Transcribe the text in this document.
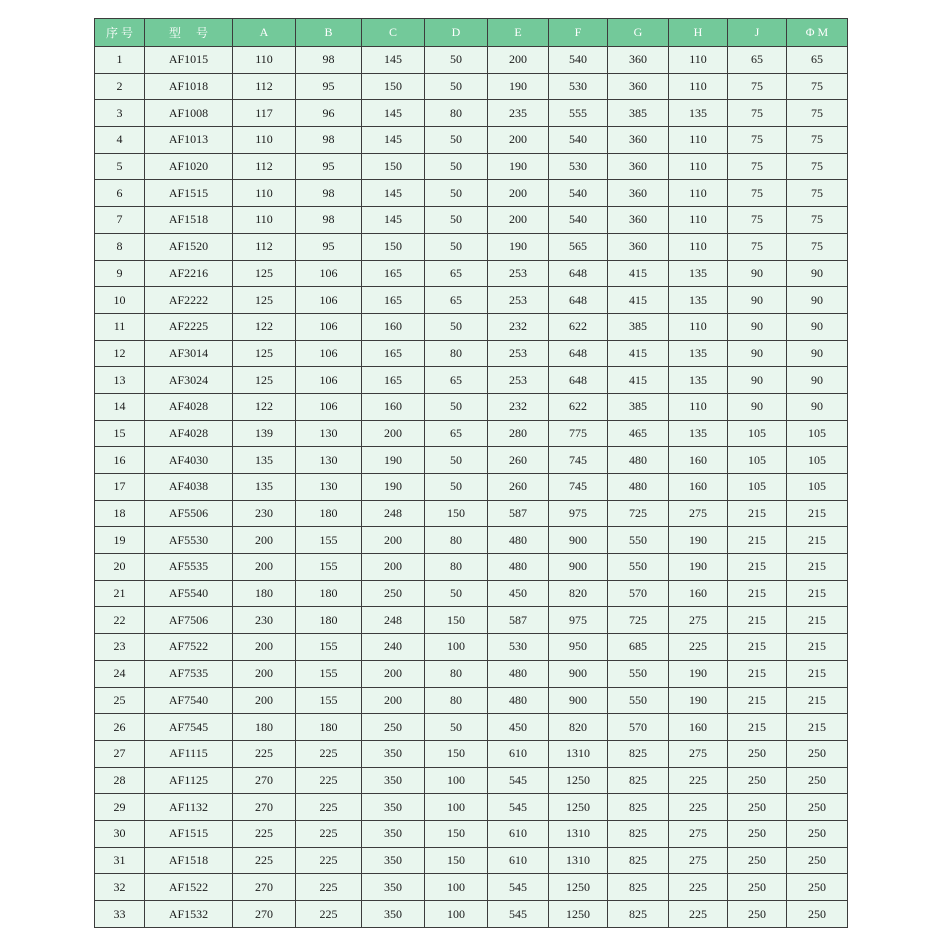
序 号	型　 号	A	B	C	D	E	F	G	H	J	Φ M
1	AF1015	110	98	145	50	200	540	360	110	65	65
2	AF1018	112	95	150	50	190	530	360	110	75	75
3	AF1008	117	96	145	80	235	555	385	135	75	75
4	AF1013	110	98	145	50	200	540	360	110	75	75
5	AF1020	112	95	150	50	190	530	360	110	75	75
6	AF1515	110	98	145	50	200	540	360	110	75	75
7	AF1518	110	98	145	50	200	540	360	110	75	75
8	AF1520	112	95	150	50	190	565	360	110	75	75
9	AF2216	125	106	165	65	253	648	415	135	90	90
10	AF2222	125	106	165	65	253	648	415	135	90	90
11	AF2225	122	106	160	50	232	622	385	110	90	90
12	AF3014	125	106	165	80	253	648	415	135	90	90
13	AF3024	125	106	165	65	253	648	415	135	90	90
14	AF4028	122	106	160	50	232	622	385	110	90	90
15	AF4028	139	130	200	65	280	775	465	135	105	105
16	AF4030	135	130	190	50	260	745	480	160	105	105
17	AF4038	135	130	190	50	260	745	480	160	105	105
18	AF5506	230	180	248	150	587	975	725	275	215	215
19	AF5530	200	155	200	80	480	900	550	190	215	215
20	AF5535	200	155	200	80	480	900	550	190	215	215
21	AF5540	180	180	250	50	450	820	570	160	215	215
22	AF7506	230	180	248	150	587	975	725	275	215	215
23	AF7522	200	155	240	100	530	950	685	225	215	215
24	AF7535	200	155	200	80	480	900	550	190	215	215
25	AF7540	200	155	200	80	480	900	550	190	215	215
26	AF7545	180	180	250	50	450	820	570	160	215	215
27	AF1115	225	225	350	150	610	1310	825	275	250	250
28	AF1125	270	225	350	100	545	1250	825	225	250	250
29	AF1132	270	225	350	100	545	1250	825	225	250	250
30	AF1515	225	225	350	150	610	1310	825	275	250	250
31	AF1518	225	225	350	150	610	1310	825	275	250	250
32	AF1522	270	225	350	100	545	1250	825	225	250	250
33	AF1532	270	225	350	100	545	1250	825	225	250	250
